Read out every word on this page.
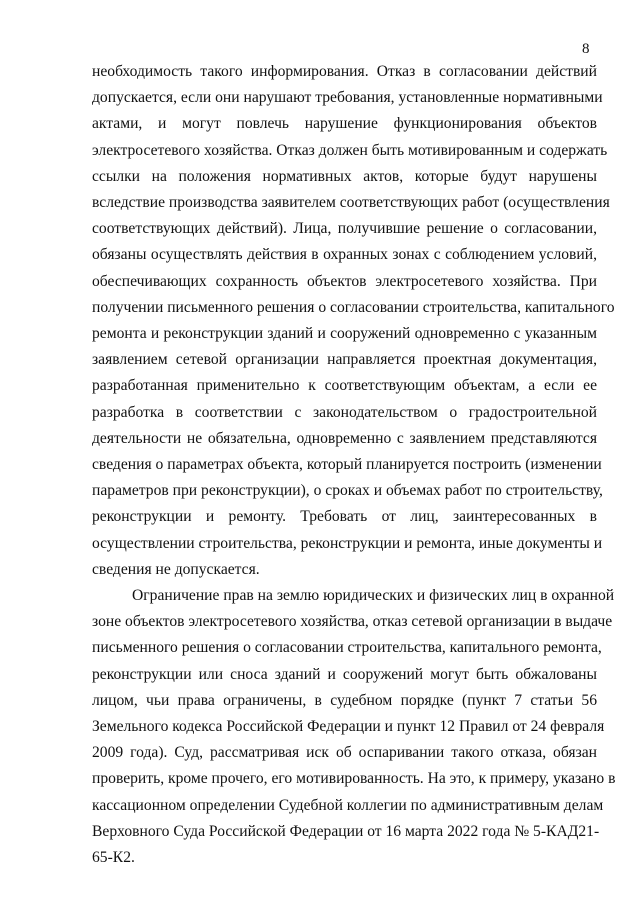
8
необходимость такого информирования. Отказ в согласовании действий
допускается, если они нарушают требования, установленные нормативными
актами, и могут повлечь нарушение функционирования объектов
электросетевого хозяйства. Отказ должен быть мотивированным и содержать
ссылки на положения нормативных актов, которые будут нарушены
вследствие производства заявителем соответствующих работ (осуществления
соответствующих действий). Лица, получившие решение о согласовании,
обязаны осуществлять действия в охранных зонах с соблюдением условий,
обеспечивающих сохранность объектов электросетевого хозяйства. При
получении письменного решения о согласовании строительства, капитального
ремонта и реконструкции зданий и сооружений одновременно с указанным
заявлением сетевой организации направляется проектная документация,
разработанная применительно к соответствующим объектам, а если ее
разработка в соответствии с законодательством о градостроительной
деятельности не обязательна, одновременно с заявлением представляются
сведения о параметрах объекта, который планируется построить (изменении
параметров при реконструкции), о сроках и объемах работ по строительству,
реконструкции и ремонту. Требовать от лиц, заинтересованных в
осуществлении строительства, реконструкции и ремонта, иные документы и
сведения не допускается.
Ограничение прав на землю юридических и физических лиц в охранной
зоне объектов электросетевого хозяйства, отказ сетевой организации в выдаче
письменного решения о согласовании строительства, капитального ремонта,
реконструкции или сноса зданий и сооружений могут быть обжалованы
лицом, чьи права ограничены, в судебном порядке (пункт 7 статьи 56
Земельного кодекса Российской Федерации и пункт 12 Правил от 24 февраля
2009 года). Суд, рассматривая иск об оспаривании такого отказа, обязан
проверить, кроме прочего, его мотивированность. На это, к примеру, указано в
кассационном определении Судебной коллегии по административным делам
Верховного Суда Российской Федерации от 16 марта 2022 года № 5-КАД21-
65-К2.
